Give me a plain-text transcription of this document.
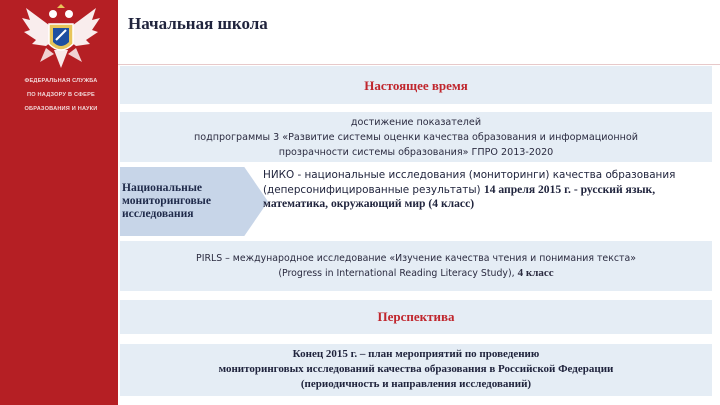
ФЕДЕРАЛЬНАЯ СЛУЖБА
ПО НАДЗОРУ В СФЕРЕ
ОБРАЗОВАНИЯ И НАУКИ
Начальная школа
Настоящее время
достижение показателей
подпрограммы 3 «Развитие системы оценки качества образования и информационной
прозрачности системы образования» ГПРО 2013-2020
Национальные
мониторинговые
исследования
НИКО - национальные исследования (мониторинги) качества образования (деперсонифицированные результаты) 14 апреля 2015 г. - русский язык, математика, окружающий мир (4 класс)
PIRLS – международное исследование «Изучение качества чтения и понимания текста»
(Progress in International Reading Literacy Study), 4 класс
Перспектива
Конец 2015 г. – план мероприятий по проведению
мониторинговых исследований качества образования в Российской Федерации
(периодичность и направления исследований)
